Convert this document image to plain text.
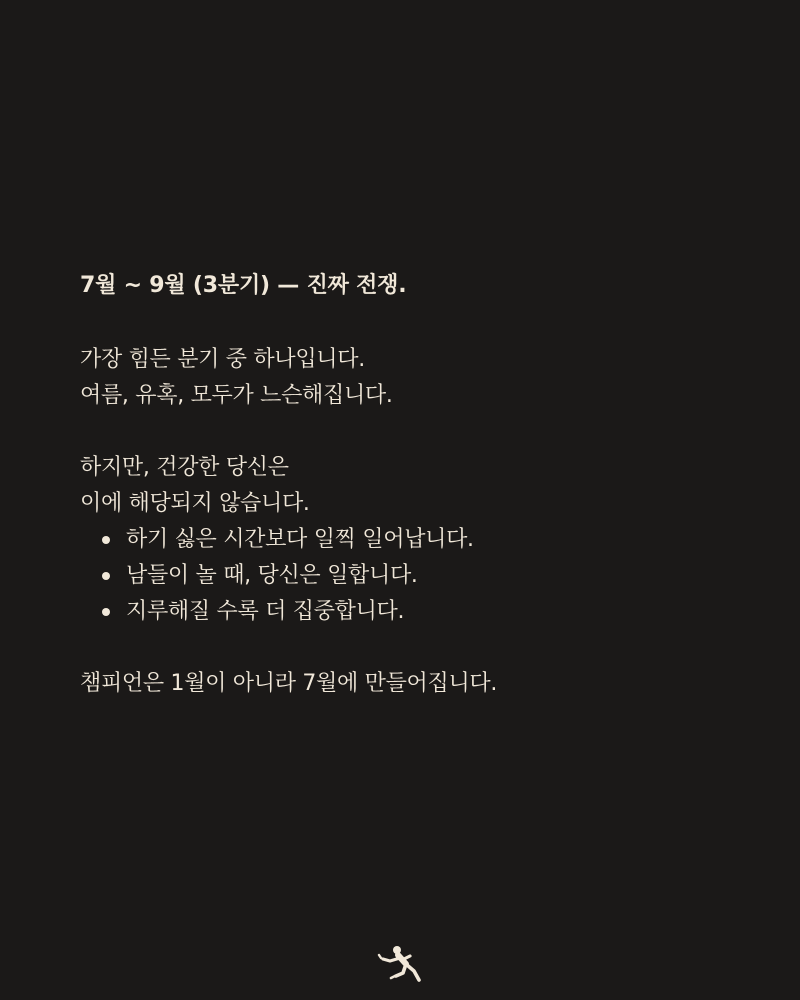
7월 ~ 9월 (3분기) — 진짜 전쟁.

가장 힘든 분기 중 하나입니다.
여름, 유혹, 모두가 느슨해집니다.

하지만, 건강한 당신은
이에 해당되지 않습니다.

하기 싫은 시간보다 일찍 일어납니다.
남들이 놀 때, 당신은 일합니다.
지루해질 수록 더 집중합니다.

챔피언은 1월이 아니라 7월에 만들어집니다.
